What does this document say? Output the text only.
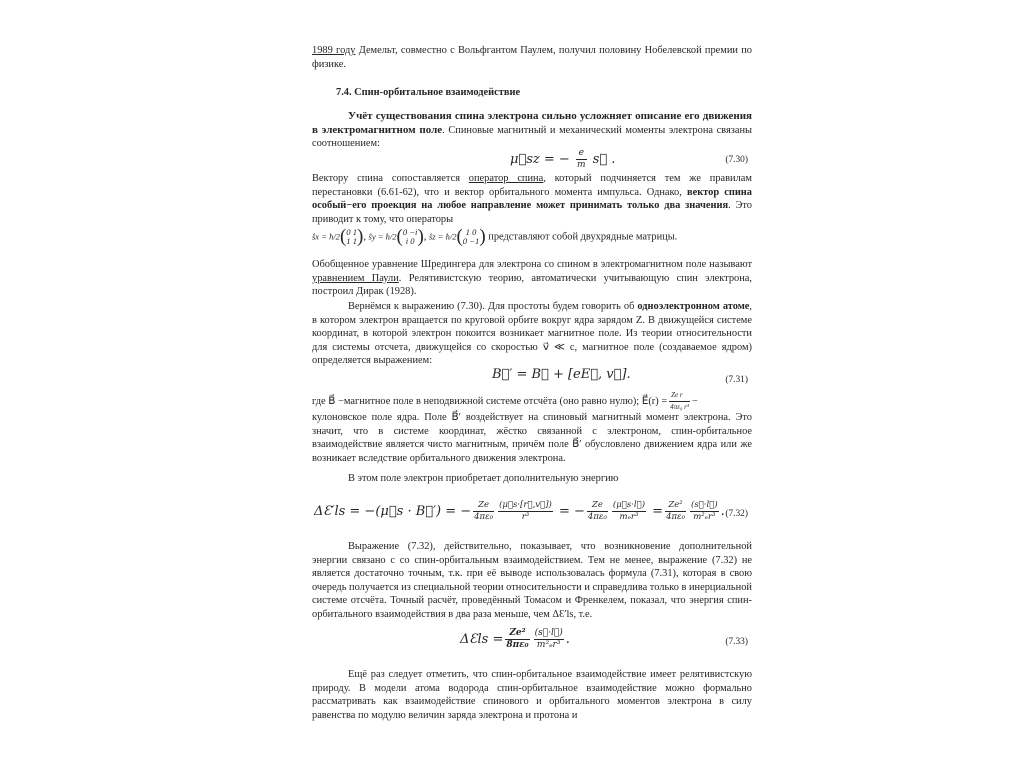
1989 году Демельт, совместно с Вольфгантом Паулем, получил половину Нобелевской премии по физике.

7.4. Спин-орбитальное взаимодействие

Учёт существования спина электрона сильно усложняет описание его движения в электромагнитном поле. Спиновые магнитный и механический моменты электрона связаны соотношением:

μ⃗sz = − $\frac{e}{m}$ s⃗ .	(7.30)

Вектору спина сопоставляется оператор спина, который подчиняется тем же правилам перестановки (6.61-62), что и вектор орбитального момента импульса. Однако, вектор спина особый−его проекция на любое направление может принимать только два значения. Это приводит к тому, что операторы

ŝx = ħ/2( 0 1
1 1 ), ŝy = ħ/2( 0 −i
i 0 ), ŝz = ħ/2( 1 0
0 −1 ) представляют собой двухрядные матрицы.

Обобщенное уравнение Шредингера для электрона со спином в электромагнитном поле называют уравнением Паули. Релятивистскую теорию, автоматически учитывающую спин электрона, построил Дирак (1928).

Вернёмся к выражению (7.30). Для простоты будем говорить об одноэлектронном атоме, в котором электрон вращается по круговой орбите вокруг ядра зарядом Z. В движущейся системе координат, в которой электрон покоится возникает магнитное поле. Из теории относительности для системы отсчета, движущейся со скоростью v⃗ ≪ c, магнитное поле (создаваемое ядром) определяется выражением:

B⃗′ = B⃗ + [eE⃗, v⃗].	(7.31)

где B⃗ −магнитное поле в неподвижной системе отсчёта (оно равно нулю); E⃗(r) = $\frac{\text{Ze r⃗}}{\text{4πε₀ r³}}$ −

кулоновское поле ядра. Поле B⃗′ воздействует на спиновый магнитный момент электрона. Это значит, что в системе координат, жёстко связанной с электроном, спин-орбитальное взаимодействие является чисто магнитным, причём поле B⃗′ обусловлено движением ядра или же возникает вследствие орбитального движения электрона.

В этом поле электрон приобретает дополнительную энергию

ΔƐ′ls = −(μ⃗s · B⃗′) = − $\frac{Ze}{\text{4πε₀}} \frac{(\mu⃗s\cdot[r⃗,v⃗])}{\text{r³}}$ = − $\frac{Ze}{\text{4πε₀}} \frac{(\mu⃗s\cdot l⃗)}{\text{mₑr³}} = \frac{\text{Ze²}}{\text{4πε₀}} \frac{(s⃗\cdot l⃗)}{\text{m²ₑr³}}$ . (7.32)

Выражение (7.32), действительно, показывает, что возникновение дополнительной энергии связано с со спин-орбитальным взаимодействием. Тем не менее, выражение (7.32) не является достаточно точным, т.к. при её выводе использовалась формула (7.31), которая в свою очередь получается из специальной теории относительности и справедлива только в инерциальной системе отсчёта. Точный расчёт, проведённый Томасом и Френкелем, показал, что энергия спин-орбитального взаимодействия в два раза меньше, чем ΔƐ′ls, т.е.

ΔƐls = $\frac{\text{Ze²}}{\text{8πε₀}} \frac{(s⃗\cdot l⃗)}{\text{m²ₑr³}}$ .	(7.33)

Ещё раз следует отметить, что спин-орбитальное взаимодействие имеет релятивистскую природу. В модели атома водорода спин-орбитальное взаимодействие можно формально рассматривать как взаимодействие спинового и орбитального моментов электрона в силу равенства по модулю величин заряда электрона и протона и
